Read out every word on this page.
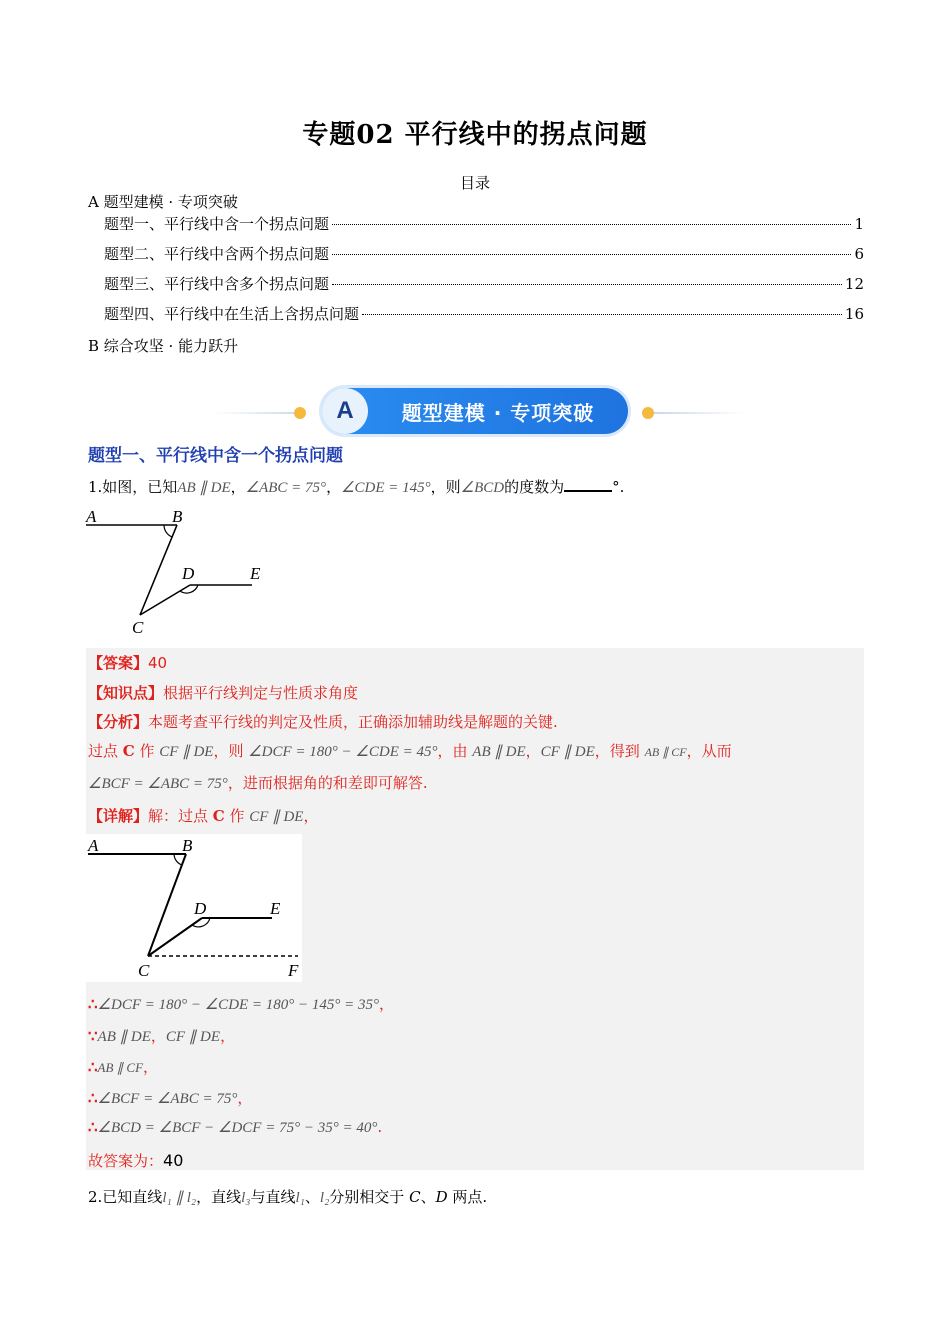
专题02 平行线中的拐点问题
目录
A 题型建模 · 专项突破
题型一、平行线中含一个拐点问题	1
题型二、平行线中含两个拐点问题	6
题型三、平行线中含多个拐点问题	12
题型四、平行线中在生活上含拐点问题	16
B 综合攻坚 · 能力跃升
A	题型建模 · 专项突破
题型一、平行线中含一个拐点问题
1.如图，已知AB ∥ DE，∠ABC = 75°，∠CDE = 145°，则∠BCD的度数为	°.
A	B
D	E
C
【答案】40
【知识点】根据平行线判定与性质求角度
【分析】本题考查平行线的判定及性质，正确添加辅助线是解题的关键.
过点 C 作 CF ∥ DE，则 ∠DCF = 180° − ∠CDE = 45°，由 AB ∥ DE，CF ∥ DE，得到 AB ∥ CF，从而
∠BCF = ∠ABC = 75°，进而根据角的和差即可解答.
【详解】解：过点 C 作 CF ∥ DE，
A	B
D	E
C	F
∴∠DCF = 180° − ∠CDE = 180° − 145° = 35°，
∵AB ∥ DE，CF ∥ DE，
∴AB ∥ CF，
∴∠BCF = ∠ABC = 75°，
∴∠BCD = ∠BCF − ∠DCF = 75° − 35° = 40°.
故答案为：40
2.已知直线l₁ ∥ l₂，直线l₃与直线l₁、l₂分别相交于 C、D 两点.
